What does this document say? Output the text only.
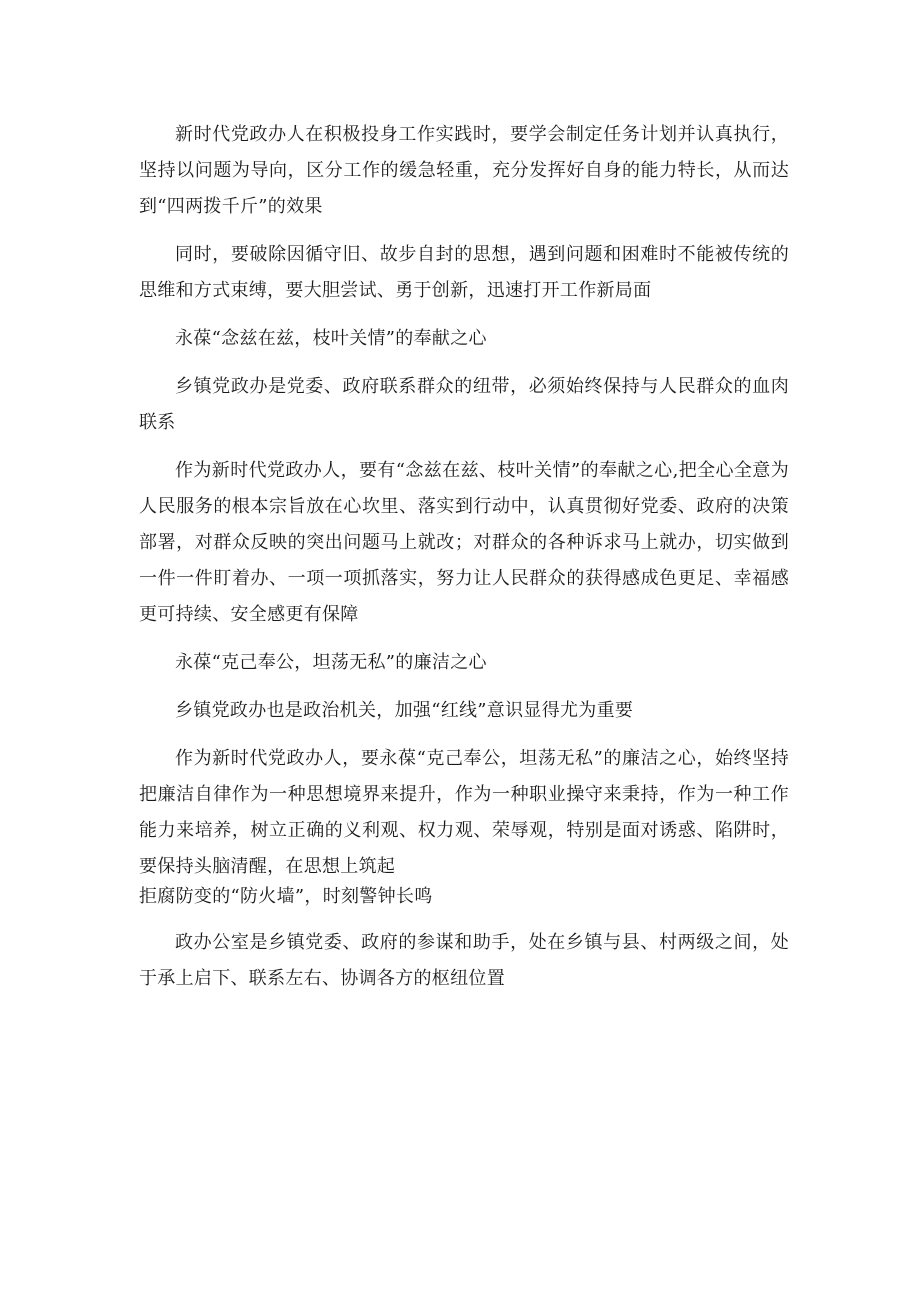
新时代党政办人在积极投身工作实践时，要学会制定任务计划并认真执行，坚持以问题为导向，区分工作的缓急轻重，充分发挥好自身的能力特长，从而达到“四两拨千斤”的效果

同时，要破除因循守旧、故步自封的思想，遇到问题和困难时不能被传统的思维和方式束缚，要大胆尝试、勇于创新，迅速打开工作新局面

永葆“念兹在兹，枝叶关情”的奉献之心

乡镇党政办是党委、政府联系群众的纽带，必须始终保持与人民群众的血肉联系

作为新时代党政办人，要有“念兹在兹、枝叶关情”的奉献之心,把全心全意为人民服务的根本宗旨放在心坎里、落实到行动中，认真贯彻好党委、政府的决策部署，对群众反映的突出问题马上就改；对群众的各种诉求马上就办，切实做到一件一件盯着办、一项一项抓落实，努力让人民群众的获得感成色更足、幸福感更可持续、安全感更有保障

永葆“克己奉公，坦荡无私”的廉洁之心

乡镇党政办也是政治机关，加强“红线”意识显得尤为重要

作为新时代党政办人，要永葆“克己奉公，坦荡无私”的廉洁之心，始终坚持把廉洁自律作为一种思想境界来提升，作为一种职业操守来秉持，作为一种工作能力来培养，树立正确的义利观、权力观、荣辱观，特别是面对诱惑、陷阱时，要保持头脑清醒，在思想上筑起

拒腐防变的“防火墙”，时刻警钟长鸣

政办公室是乡镇党委、政府的参谋和助手，处在乡镇与县、村两级之间，处于承上启下、联系左右、协调各方的枢纽位置
